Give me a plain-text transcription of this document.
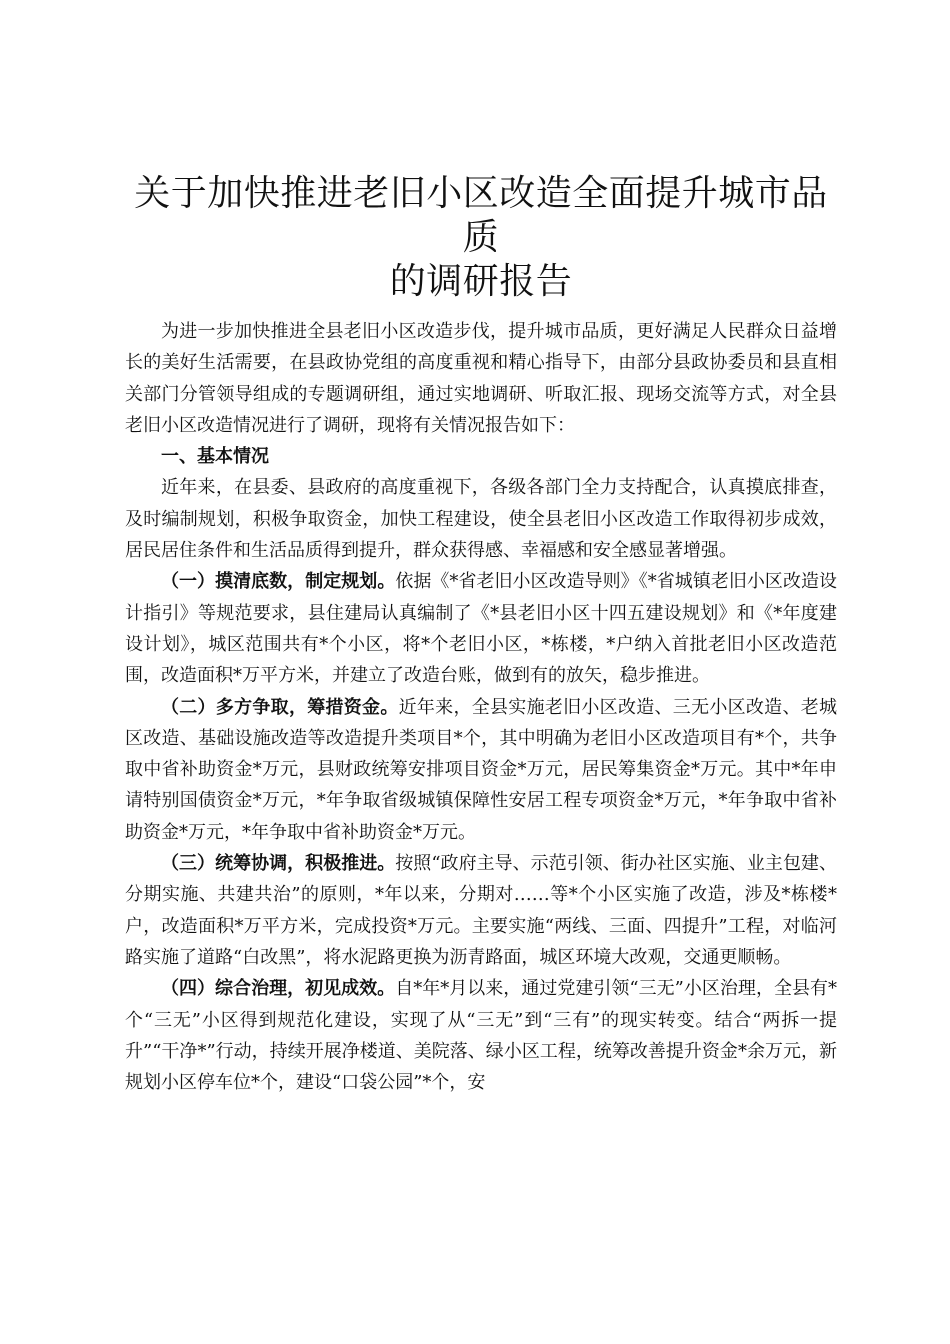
关于加快推进老旧小区改造全面提升城市品质
的调研报告

为进一步加快推进全县老旧小区改造步伐，提升城市品质，更好满足人民群众日益增长的美好生活需要，在县政协党组的高度重视和精心指导下，由部分县政协委员和县直相关部门分管领导组成的专题调研组，通过实地调研、听取汇报、现场交流等方式，对全县老旧小区改造情况进行了调研，现将有关情况报告如下：

一、基本情况

近年来，在县委、县政府的高度重视下，各级各部门全力支持配合，认真摸底排查，及时编制规划，积极争取资金，加快工程建设，使全县老旧小区改造工作取得初步成效，居民居住条件和生活品质得到提升，群众获得感、幸福感和安全感显著增强。

（一）摸清底数，制定规划。依据《*省老旧小区改造导则》《*省城镇老旧小区改造设计指引》等规范要求，县住建局认真编制了《*县老旧小区十四五建设规划》和《*年度建设计划》，城区范围共有*个小区，将*个老旧小区，*栋楼，*户纳入首批老旧小区改造范围，改造面积*万平方米，并建立了改造台账，做到有的放矢，稳步推进。

（二）多方争取，筹措资金。近年来，全县实施老旧小区改造、三无小区改造、老城区改造、基础设施改造等改造提升类项目*个，其中明确为老旧小区改造项目有*个，共争取中省补助资金*万元，县财政统筹安排项目资金*万元，居民筹集资金*万元。其中*年申请特别国债资金*万元，*年争取省级城镇保障性安居工程专项资金*万元，*年争取中省补助资金*万元，*年争取中省补助资金*万元。

（三）统筹协调，积极推进。按照“政府主导、示范引领、街办社区实施、业主包建、分期实施、共建共治”的原则，*年以来，分期对……等*个小区实施了改造，涉及*栋楼*户，改造面积*万平方米，完成投资*万元。主要实施“两线、三面、四提升”工程，对临河路实施了道路“白改黑”，将水泥路更换为沥青路面，城区环境大改观，交通更顺畅。

（四）综合治理，初见成效。自*年*月以来，通过党建引领“三无”小区治理，全县有*个“三无”小区得到规范化建设，实现了从“三无”到“三有”的现实转变。结合“两拆一提升”“干净*”行动，持续开展净楼道、美院落、绿小区工程，统筹改善提升资金*余万元，新规划小区停车位*个，建设“口袋公园”*个，安
